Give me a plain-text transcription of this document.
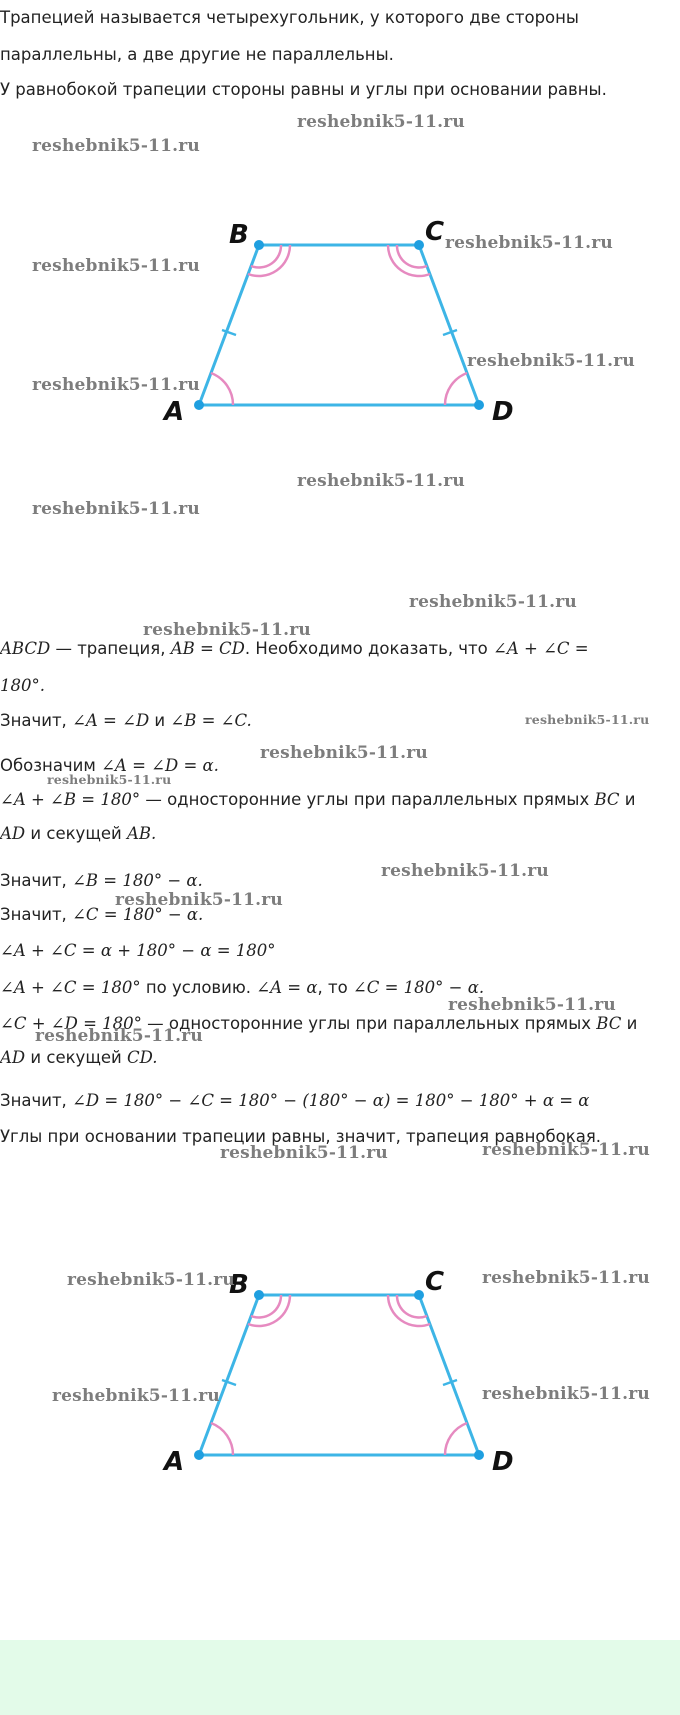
Трапецией называется четырехугольник, у которого две стороны
параллельны, а две другие не параллельны.
У равнобокой трапеции стороны равны и углы при основании равны.
A
B	C
D
reshebnik5-11.ru
reshebnik5-11.ru
reshebnik5-11.ru
reshebnik5-11.ru
reshebnik5-11.ru
reshebnik5-11.ru
reshebnik5-11.ru
reshebnik5-11.ru
reshebnik5-11.ru
reshebnik5-11.ru
ABCD — трапеция, AB = CD. Необходимо доказать, что ∠A + ∠C =
180°.
Значит, ∠A = ∠D и ∠B = ∠C.	reshebnik5-11.ru
Обозначим ∠A = ∠D = α.
reshebnik5-11.ru
reshebnik5-11.ru
∠A + ∠B = 180° — односторонние углы при параллельных прямых BC и
AD и секущей AB.
reshebnik5-11.ru
Значит, ∠B = 180° − α.
reshebnik5-11.ru
Значит, ∠C = 180° − α.
∠A + ∠C = α + 180° − α = 180°
∠A + ∠C = 180° по условию. ∠A = α, то ∠C = 180° − α.
reshebnik5-11.ru
∠C + ∠D = 180° — односторонние углы при параллельных прямых BC и
reshebnik5-11.ru
AD и секущей CD.
Значит, ∠D = 180° − ∠C = 180° − (180° − α) = 180° − 180° + α = α
Углы при основании трапеции равны, значит, трапеция равнобокая.
reshebnik5-11.ru	reshebnik5-11.ru
A
B	C
D
reshebnik5-11.ru	reshebnik5-11.ru
reshebnik5-11.ru	reshebnik5-11.ru
